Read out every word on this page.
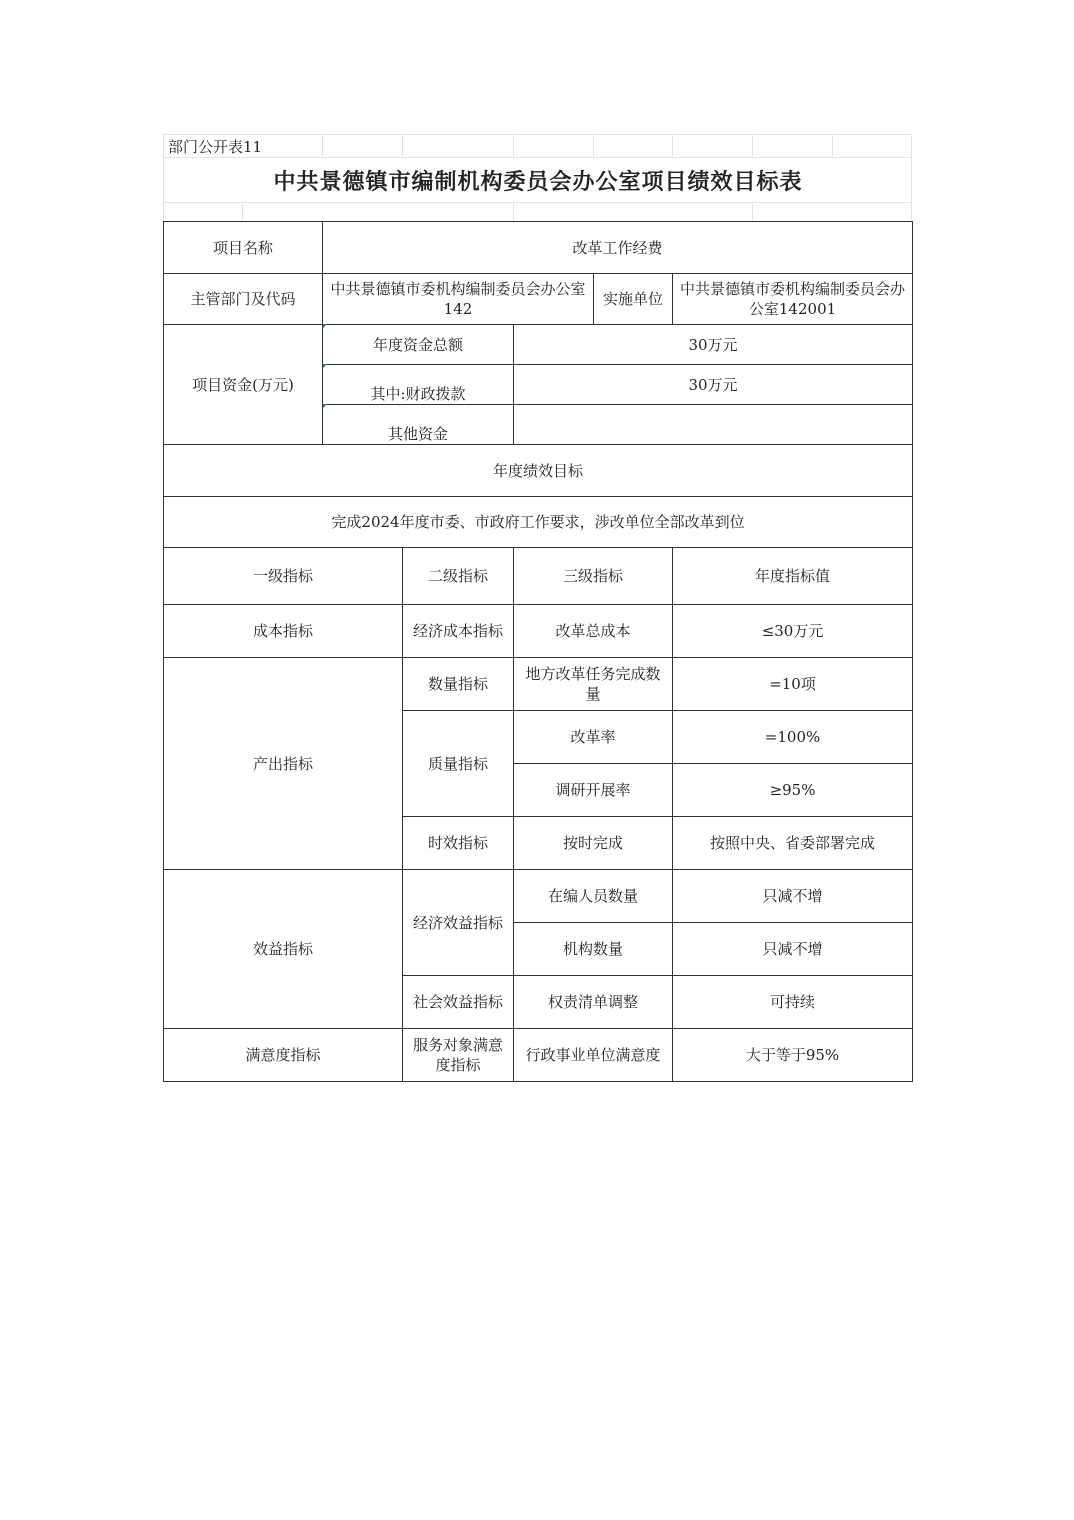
部门公开表11
中共景德镇市编制机构委员会办公室项目绩效目标表
项目名称	改革工作经费				
主管部门及代码	中共景德镇市委机构编制委员会办公室142			实施单位	中共景德镇市委机构编制委员会办公室142001
项目资金(万元)	年度资金总额		30万元		
	其中:财政拨款		30万元		
	其他资金				
年度绩效目标					
完成2024年度市委、市政府工作要求，涉改单位全部改革到位					
一级指标		二级指标	三级指标		年度指标值
成本指标		经济成本指标	改革总成本		≤30万元
产出指标		数量指标	地方改革任务完成数量		=10项
		质量指标	改革率		=100%
			调研开展率		≥95%
		时效指标	按时完成		按照中央、省委部署完成
效益指标		经济效益指标	在编人员数量		只减不增
			机构数量		只减不增
		社会效益指标	权责清单调整		可持续
满意度指标		服务对象满意度指标	行政事业单位满意度		大于等于95%
